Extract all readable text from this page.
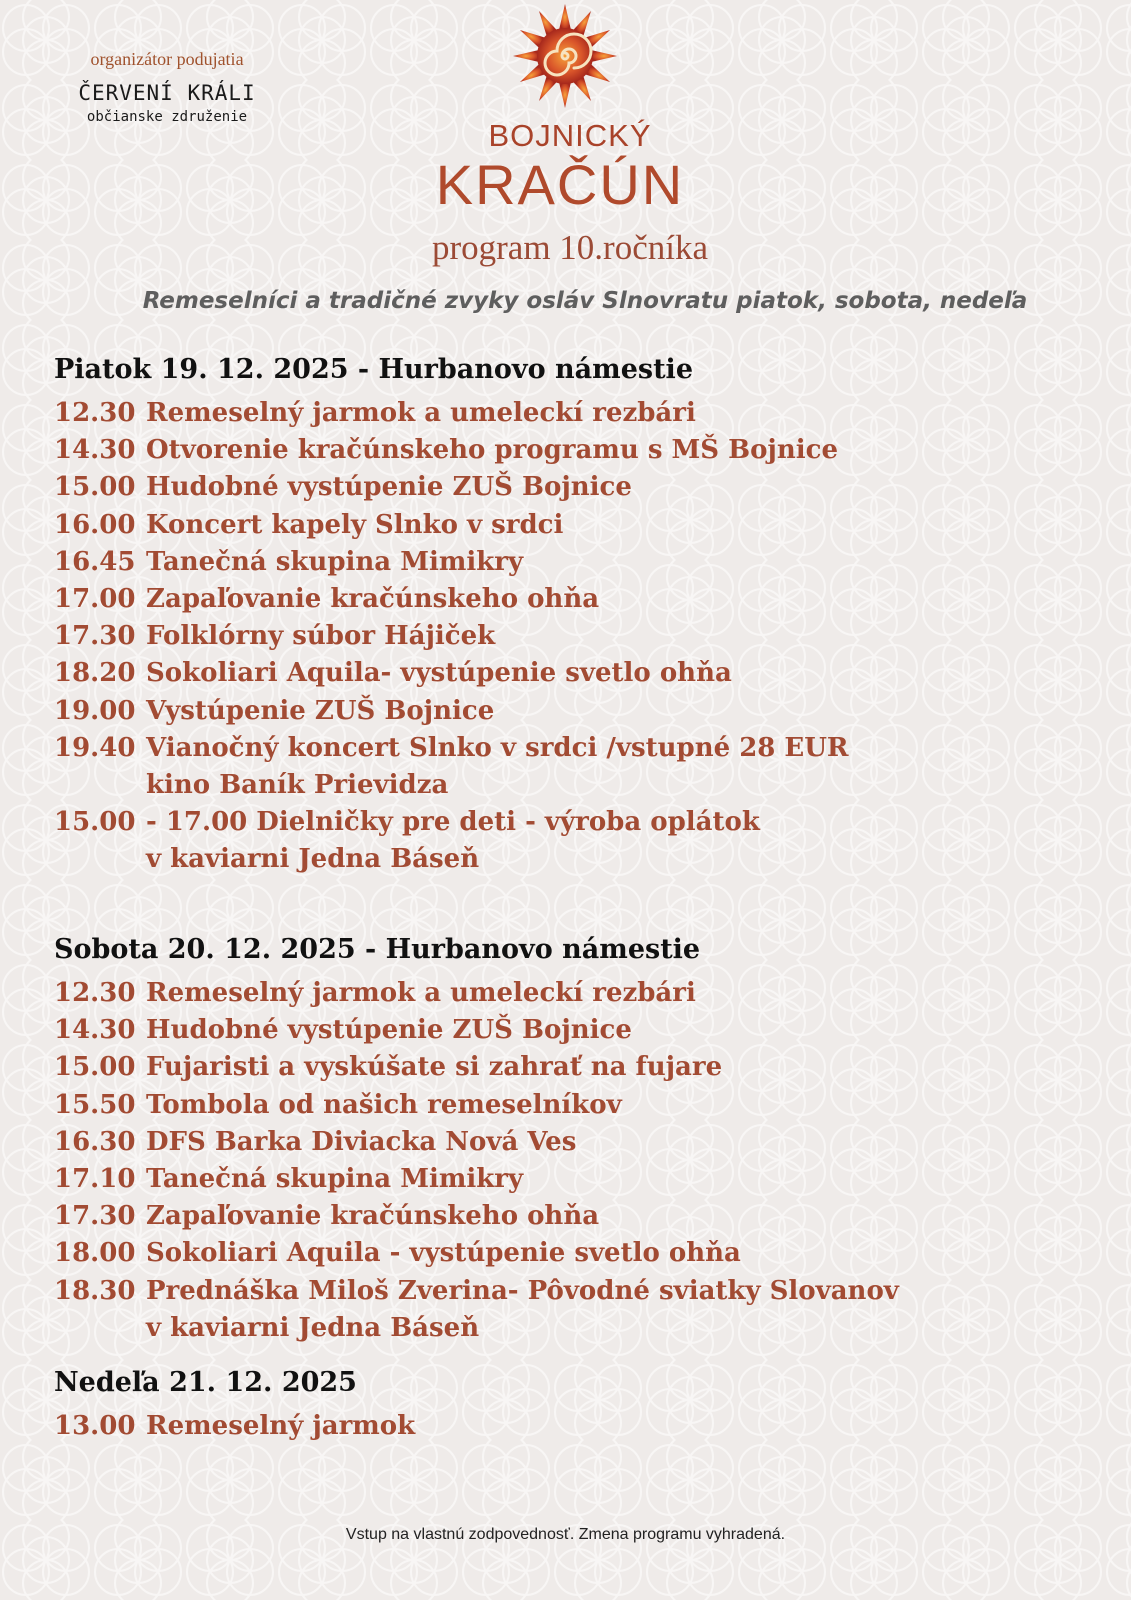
organizátor podujatia
ČERVENÍ KRÁLI
občianske združenie
BOJNICKÝ
KRAČÚN
program 10.ročníka
Remeselníci a tradičné zvyky osláv Slnovratu piatok, sobota, nedeľa
Piatok 19. 12. 2025 - Hurbanovo námestie
12.30 Remeselný jarmok a umeleckí rezbári
14.30 Otvorenie kračúnskeho programu s MŠ Bojnice
15.00 Hudobné vystúpenie ZUŠ Bojnice
16.00 Koncert kapely Slnko v srdci
16.45 Tanečná skupina Mimikry
17.00 Zapaľovanie kračúnskeho ohňa
17.30 Folklórny súbor Hájiček
18.20 Sokoliari Aquila- vystúpenie svetlo ohňa
19.00 Vystúpenie ZUŠ Bojnice
19.40 Vianočný koncert Slnko v srdci /vstupné 28 EUR
kino Baník Prievidza
15.00 - 17.00 Dielničky pre deti - výroba oplátok
v kaviarni Jedna Báseň
Sobota 20. 12. 2025 - Hurbanovo námestie
12.30 Remeselný jarmok a umeleckí rezbári
14.30 Hudobné vystúpenie ZUŠ Bojnice
15.00 Fujaristi a vyskúšate si zahrať na fujare
15.50 Tombola od našich remeselníkov
16.30 DFS Barka Diviacka Nová Ves
17.10 Tanečná skupina Mimikry
17.30 Zapaľovanie kračúnskeho ohňa
18.00 Sokoliari Aquila - vystúpenie svetlo ohňa
18.30 Prednáška Miloš Zverina- Pôvodné sviatky Slovanov
v kaviarni Jedna Báseň
Nedeľa 21. 12. 2025
13.00 Remeselný jarmok
Vstup na vlastnú zodpovednosť. Zmena programu vyhradená.
